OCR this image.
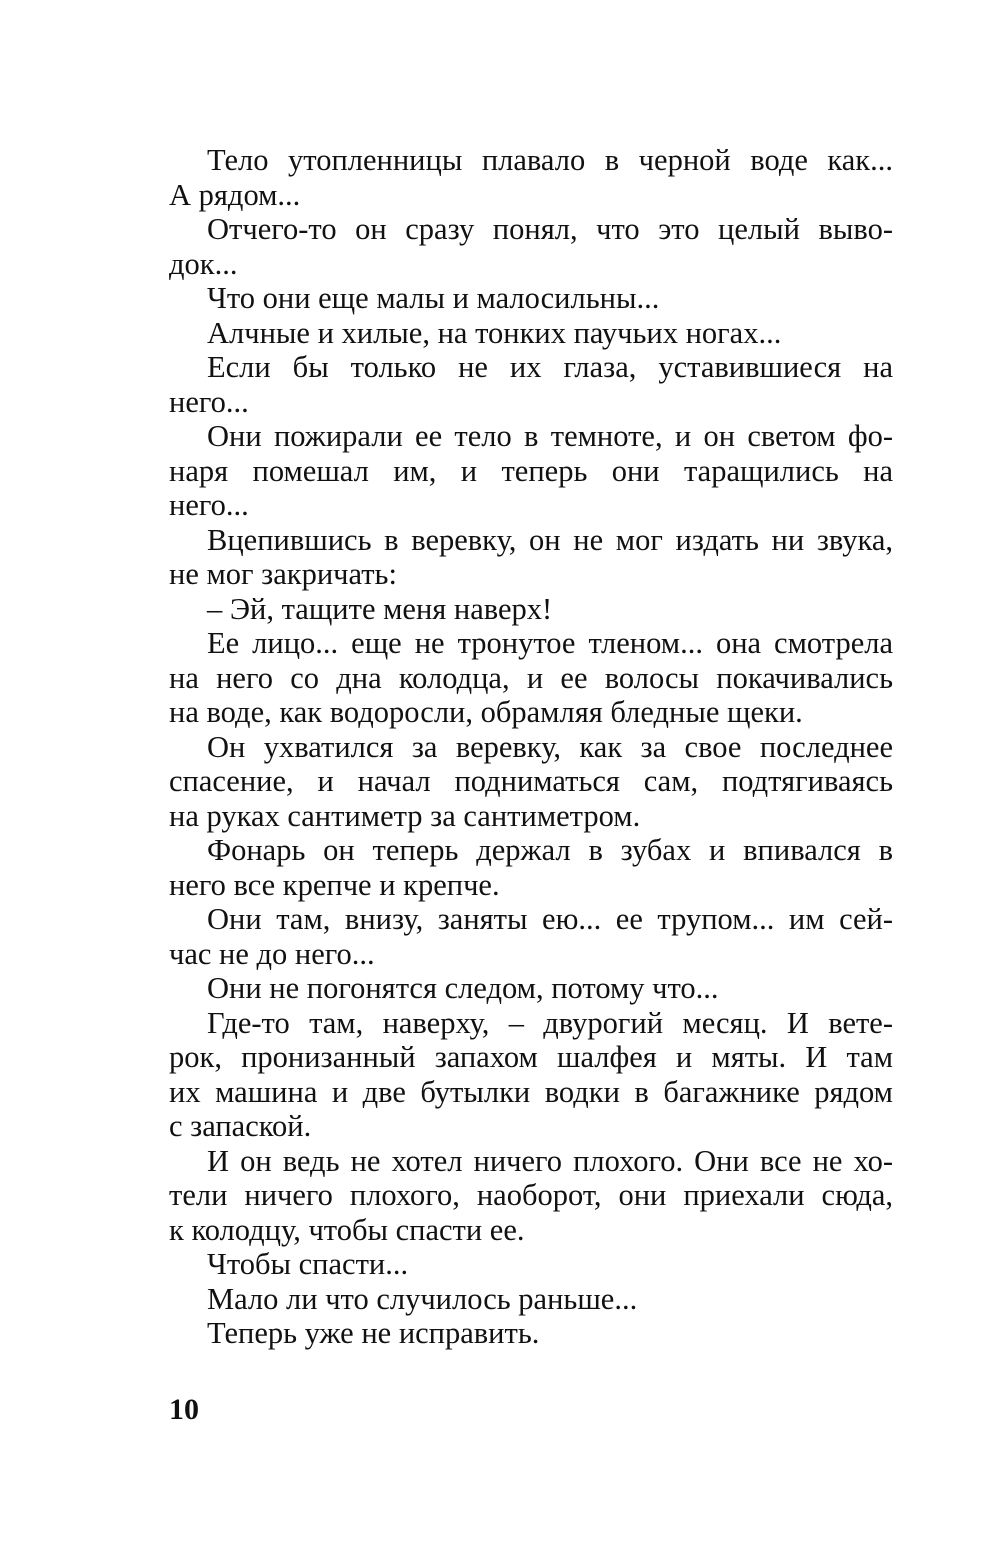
Тело утопленницы плавало в черной воде как...
А рядом...
Отчего-то он сразу понял, что это целый выво-
док...
Что они еще малы и малосильны...
Алчные и хилые, на тонких паучьих ногах...
Если бы только не их глаза, уставившиеся на
него...
Они пожирали ее тело в темноте, и он светом фо-
наря помешал им, и теперь они таращились на
него...
Вцепившись в веревку, он не мог издать ни звука,
не мог закричать:
– Эй, тащите меня наверх!
Ее лицо... еще не тронутое тленом... она смотрела
на него со дна колодца, и ее волосы покачивались
на воде, как водоросли, обрамляя бледные щеки.
Он ухватился за веревку, как за свое последнее
спасение, и начал подниматься сам, подтягиваясь
на руках сантиметр за сантиметром.
Фонарь он теперь держал в зубах и впивался в
него все крепче и крепче.
Они там, внизу, заняты ею... ее трупом... им сей-
час не до него...
Они не погонятся следом, потому что...
Где-то там, наверху, – двурогий месяц. И вете-
рок, пронизанный запахом шалфея и мяты. И там
их машина и две бутылки водки в багажнике рядом
с запаской.
И он ведь не хотел ничего плохого. Они все не хо-
тели ничего плохого, наоборот, они приехали сюда,
к колодцу, чтобы спасти ее.
Чтобы спасти...
Мало ли что случилось раньше...
Теперь уже не исправить.
10
